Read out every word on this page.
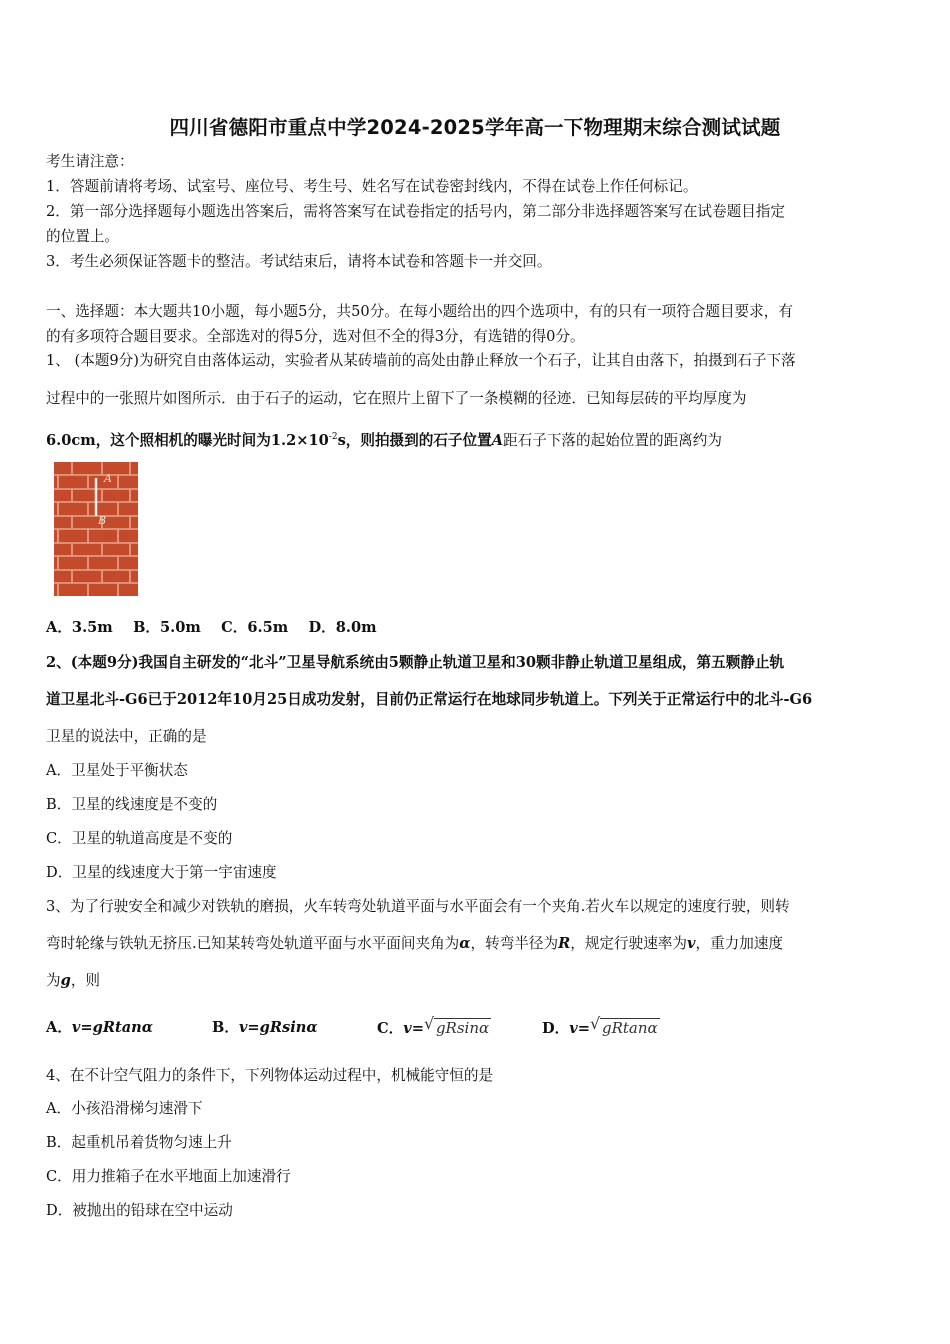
四川省德阳市重点中学2024-2025学年高一下物理期末综合测试试题
考生请注意：
1．答题前请将考场、试室号、座位号、考生号、姓名写在试卷密封线内，不得在试卷上作任何标记。
2．第一部分选择题每小题选出答案后，需将答案写在试卷指定的括号内，第二部分非选择题答案写在试卷题目指定
的位置上。
3．考生必须保证答题卡的整洁。考试结束后，请将本试卷和答题卡一并交回。
一、选择题：本大题共10小题，每小题5分，共50分。在每小题给出的四个选项中，有的只有一项符合题目要求，有
的有多项符合题目要求。全部选对的得5分，选对但不全的得3分，有选错的得0分。
1、 (本题9分)为研究自由落体运动，实验者从某砖墙前的高处由静止释放一个石子，让其自由落下，拍摄到石子下落
过程中的一张照片如图所示．由于石子的运动，它在照片上留下了一条模糊的径迹．已知每层砖的平均厚度为
6.0cm，这个照相机的曝光时间为$1.2\times 10^{-2}s$，则拍摄到的石子位置A距石子下落的起始位置的距离约为
A
B
A．3.5m    B．5.0m    C．6.5m    D．8.0m
2、(本题9分)我国自主研发的“北斗”卫星导航系统由5颗静止轨道卫星和30颗非静止轨道卫星组成，第五颗静止轨
道卫星北斗-G6已于2012年10月25日成功发射，目前仍正常运行在地球同步轨道上。下列关于正常运行中的北斗-G6
卫星的说法中，正确的是
A．卫星处于平衡状态
B．卫星的线速度是不变的
C．卫星的轨道高度是不变的
D．卫星的线速度大于第一宇宙速度
3、为了行驶安全和减少对铁轨的磨损，火车转弯处轨道平面与水平面会有一个夹角.若火车以规定的速度行驶，则转
弯时轮缘与铁轨无挤压.已知某转弯处轨道平面与水平面间夹角为α，转弯半径为R，规定行驶速率为v，重力加速度
为g，则
A．v=gRtanα	B．v=gRsinα	C．v= √ gRsinα	D．v= √ gRtanα
4、在不计空气阻力的条件下，下列物体运动过程中，机械能守恒的是
A．小孩沿滑梯匀速滑下
B．起重机吊着货物匀速上升
C．用力推箱子在水平地面上加速滑行
D．被抛出的铅球在空中运动
